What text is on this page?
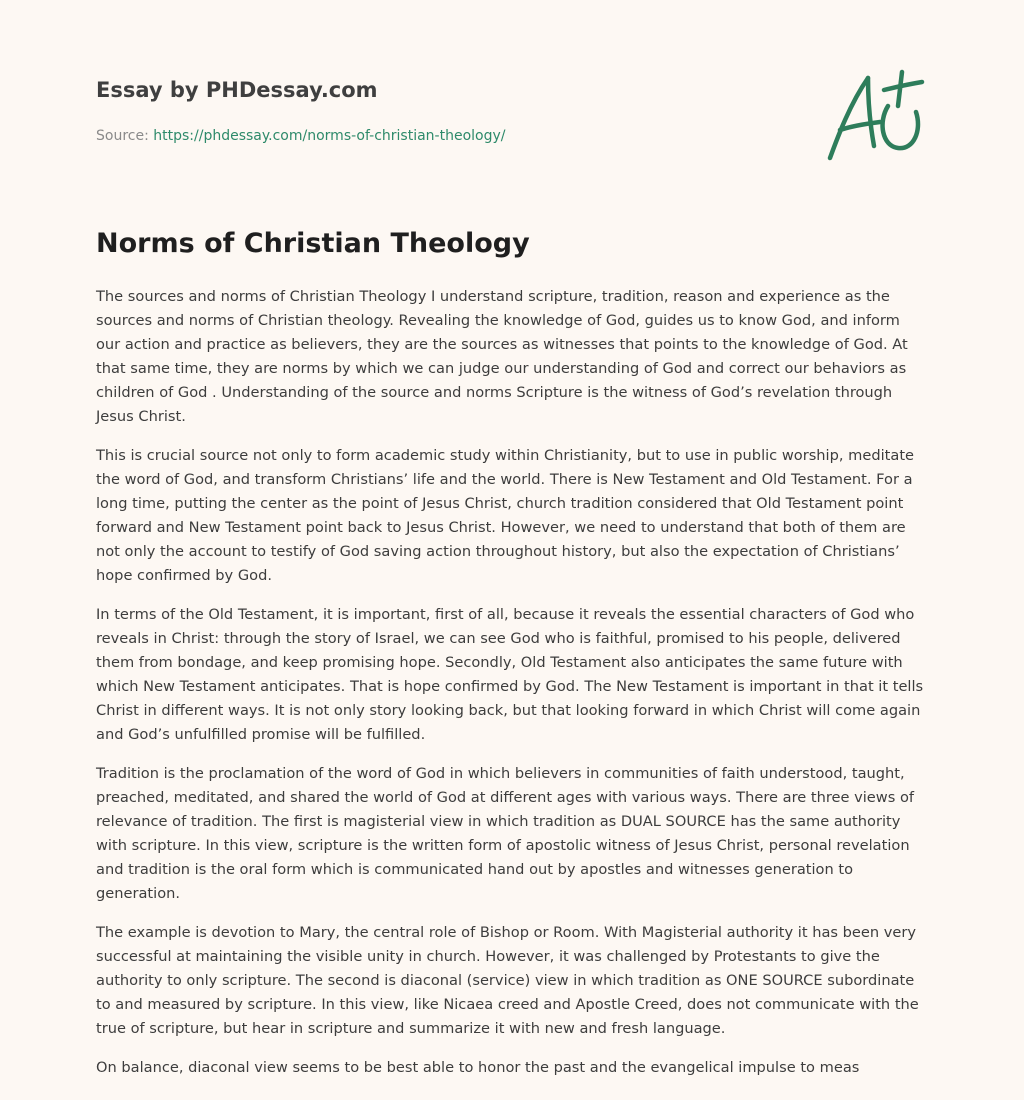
Essay by PHDessay.com
Source: https://phdessay.com/norms-of-christian-theology/
Norms of Christian Theology

The sources and norms of Christian Theology I understand scripture, tradition, reason and experience as the sources and norms of Christian theology. Revealing the knowledge of God, guides us to know God, and inform our action and practice as believers, they are the sources as witnesses that points to the knowledge of God. At that same time, they are norms by which we can judge our understanding of God and correct our behaviors as children of God . Understanding of the source and norms Scripture is the witness of God’s revelation through Jesus Christ.

This is crucial source not only to form academic study within Christianity, but to use in public worship, meditate the word of God, and transform Christians’ life and the world. There is New Testament and Old Testament. For a long time, putting the center as the point of Jesus Christ, church tradition considered that Old Testament point forward and New Testament point back to Jesus Christ. However, we need to understand that both of them are not only the account to testify of God saving action throughout history, but also the expectation of Christians’ hope confirmed by God.

In terms of the Old Testament, it is important, first of all, because it reveals the essential characters of God who reveals in Christ: through the story of Israel, we can see God who is faithful, promised to his people, delivered them from bondage, and keep promising hope. Secondly, Old Testament also anticipates the same future with which New Testament anticipates. That is hope confirmed by God. The New Testament is important in that it tells Christ in different ways. It is not only story looking back, but that looking forward in which Christ will come again and God’s unfulfilled promise will be fulfilled.

Tradition is the proclamation of the word of God in which believers in communities of faith understood, taught, preached, meditated, and shared the world of God at different ages with various ways. There are three views of relevance of tradition. The first is magisterial view in which tradition as DUAL SOURCE has the same authority with scripture. In this view, scripture is the written form of apostolic witness of Jesus Christ, personal revelation and tradition is the oral form which is communicated hand out by apostles and witnesses generation to generation.

The example is devotion to Mary, the central role of Bishop or Room. With Magisterial authority it has been very successful at maintaining the visible unity in church. However, it was challenged by Protestants to give the authority to only scripture. The second is diaconal (service) view in which tradition as ONE SOURCE subordinate to and measured by scripture. In this view, like Nicaea creed and Apostle Creed, does not communicate with the true of scripture, but hear in scripture and summarize it with new and fresh language.

On balance, diaconal view seems to be best able to honor the past and the evangelical impulse to meas
